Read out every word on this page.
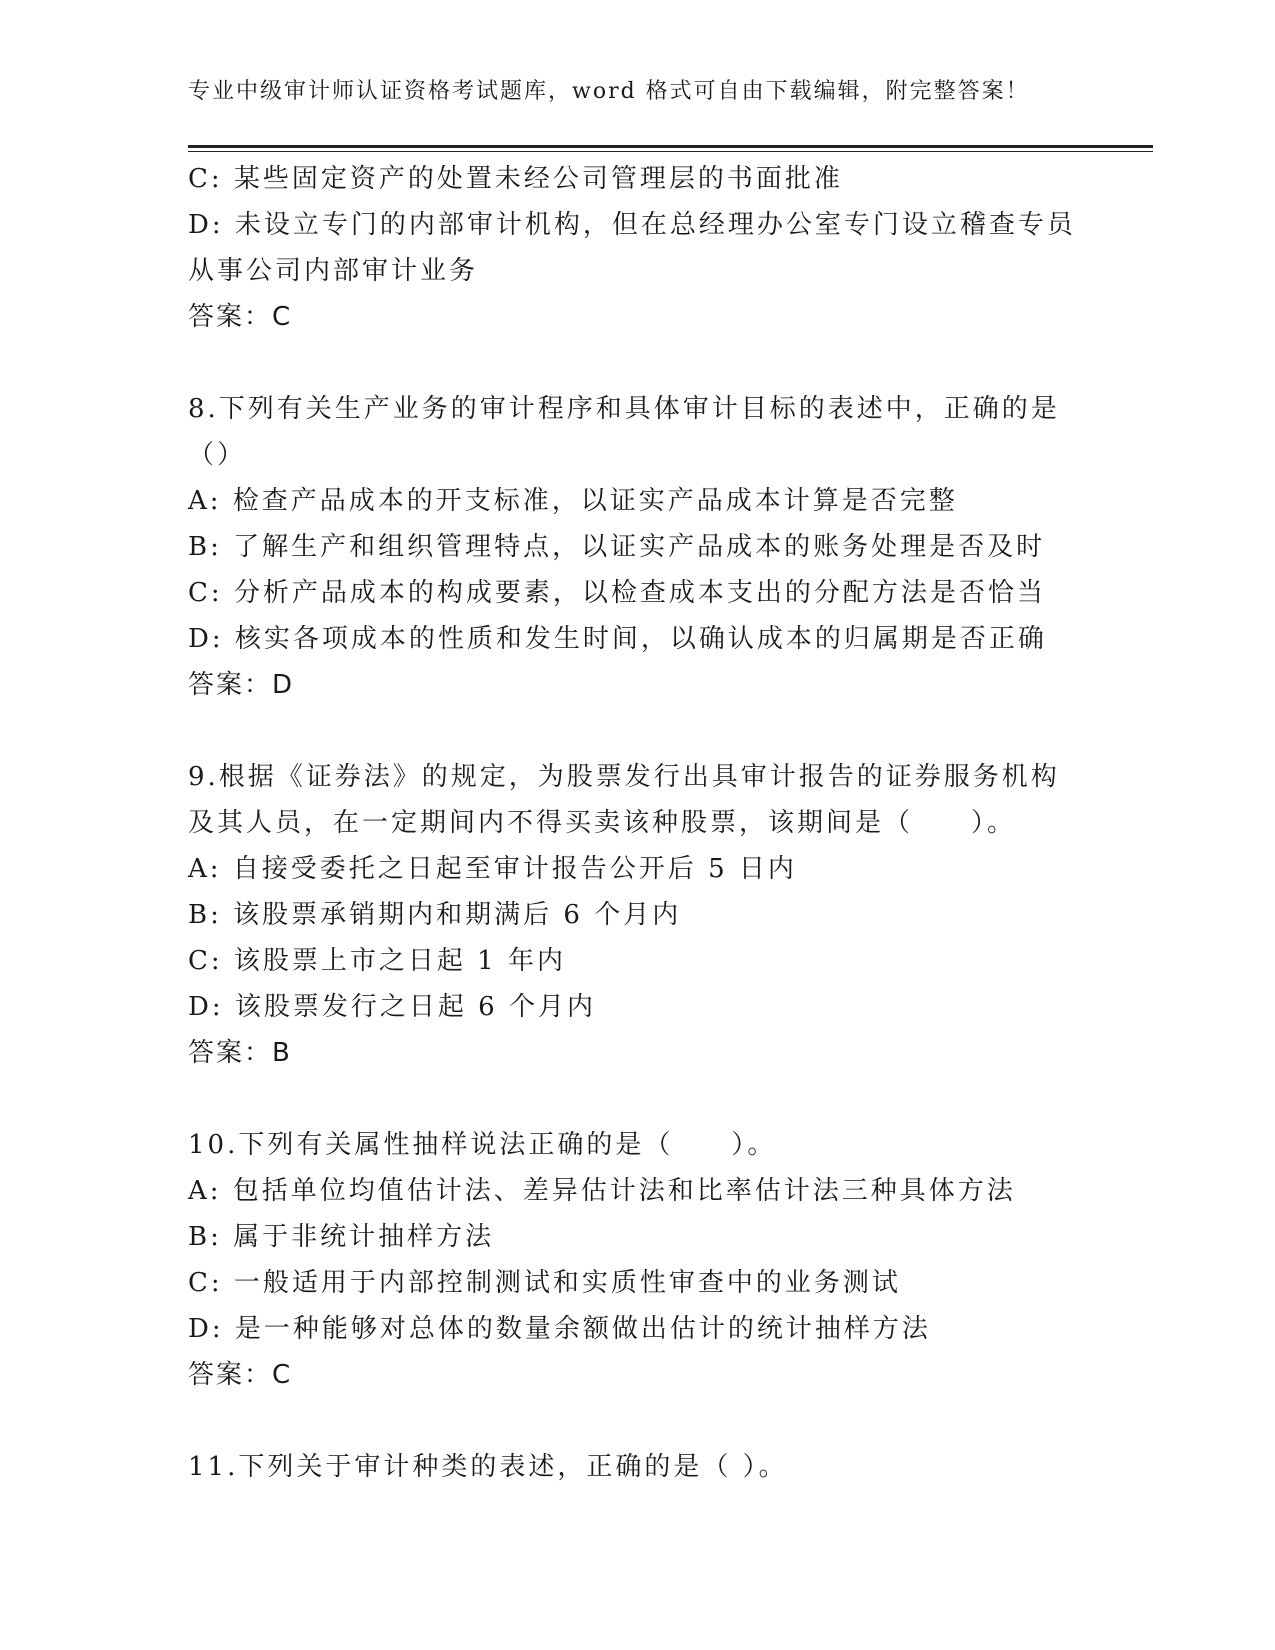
专业中级审计师认证资格考试题库，word 格式可自由下载编辑，附完整答案！
C: 某些固定资产的处置未经公司管理层的书面批准
D: 未设立专门的内部审计机构，但在总经理办公室专门设立稽查专员
从事公司内部审计业务
答案：C
8.下列有关生产业务的审计程序和具体审计目标的表述中，正确的是
（）
A: 检查产品成本的开支标准，以证实产品成本计算是否完整
B: 了解生产和组织管理特点，以证实产品成本的账务处理是否及时
C: 分析产品成本的构成要素，以检查成本支出的分配方法是否恰当
D: 核实各项成本的性质和发生时间，以确认成本的归属期是否正确
答案：D
9.根据《证券法》的规定，为股票发行出具审计报告的证券服务机构
及其人员，在一定期间内不得买卖该种股票，该期间是（　　）。
A: 自接受委托之日起至审计报告公开后 5 日内
B: 该股票承销期内和期满后 6 个月内
C: 该股票上市之日起 1 年内
D: 该股票发行之日起 6 个月内
答案：B
10.下列有关属性抽样说法正确的是（　　）。
A: 包括单位均值估计法、差异估计法和比率估计法三种具体方法
B: 属于非统计抽样方法
C: 一般适用于内部控制测试和实质性审查中的业务测试
D: 是一种能够对总体的数量余额做出估计的统计抽样方法
答案：C
11.下列关于审计种类的表述，正确的是（ ）。
